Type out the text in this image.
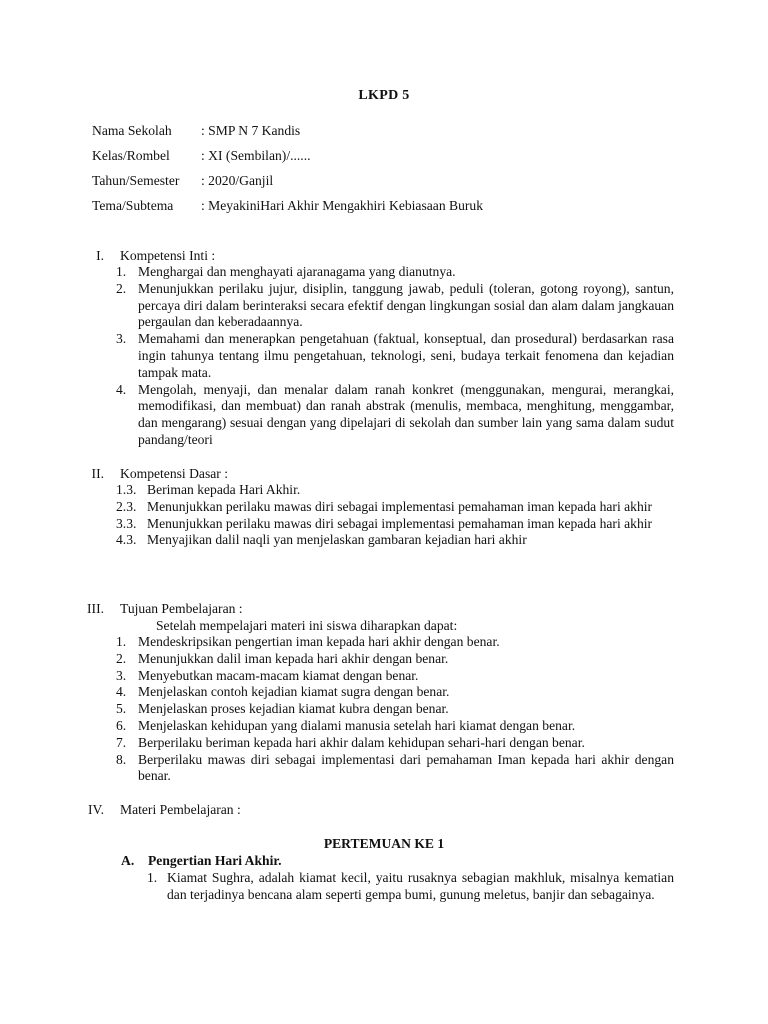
LKPD 5
Nama Sekolah : SMP N 7 Kandis
Kelas/Rombel : XI (Sembilan)/......
Tahun/Semester : 2020/Ganjil
Tema/Subtema : MeyakiniHari Akhir Mengakhiri Kebiasaan Buruk
I. Kompetensi Inti :
1. Menghargai dan menghayati ajaranagama yang dianutnya.
2. Menunjukkan perilaku jujur, disiplin, tanggung jawab, peduli (toleran, gotong royong), santun, percaya diri dalam berinteraksi secara efektif dengan lingkungan sosial dan alam dalam jangkauan pergaulan dan keberadaannya.
3. Memahami dan menerapkan pengetahuan (faktual, konseptual, dan prosedural) berdasarkan rasa ingin tahunya tentang ilmu pengetahuan, teknologi, seni, budaya terkait fenomena dan kejadian tampak mata.
4. Mengolah, menyaji, dan menalar dalam ranah konkret (menggunakan, mengurai, merangkai, memodifikasi, dan membuat) dan ranah abstrak (menulis, membaca, menghitung, menggambar, dan mengarang) sesuai dengan yang dipelajari di sekolah dan sumber lain yang sama dalam sudut pandang/teori
II. Kompetensi Dasar :
1.3. Beriman kepada Hari Akhir.
2.3. Menunjukkan perilaku mawas diri sebagai implementasi pemahaman iman kepada hari akhir
3.3. Menunjukkan perilaku mawas diri sebagai implementasi pemahaman iman kepada hari akhir
4.3. Menyajikan dalil naqli yan menjelaskan gambaran kejadian hari akhir
III. Tujuan Pembelajaran :
Setelah mempelajari materi ini siswa diharapkan dapat:
1. Mendeskripsikan pengertian iman kepada hari akhir dengan benar.
2. Menunjukkan dalil iman kepada hari akhir dengan benar.
3. Menyebutkan macam-macam kiamat dengan benar.
4. Menjelaskan contoh kejadian kiamat sugra dengan benar.
5. Menjelaskan proses kejadian kiamat kubra dengan benar.
6. Menjelaskan kehidupan yang dialami manusia setelah hari kiamat dengan benar.
7. Berperilaku beriman kepada hari akhir dalam kehidupan sehari-hari dengan benar.
8. Berperilaku mawas diri sebagai implementasi dari pemahaman Iman kepada hari akhir dengan benar.
IV. Materi Pembelajaran :
PERTEMUAN KE 1
A. Pengertian Hari Akhir.
1. Kiamat Sughra, adalah kiamat kecil, yaitu rusaknya sebagian makhluk, misalnya kematian dan terjadinya bencana alam seperti gempa bumi, gunung meletus, banjir dan sebagainya.
